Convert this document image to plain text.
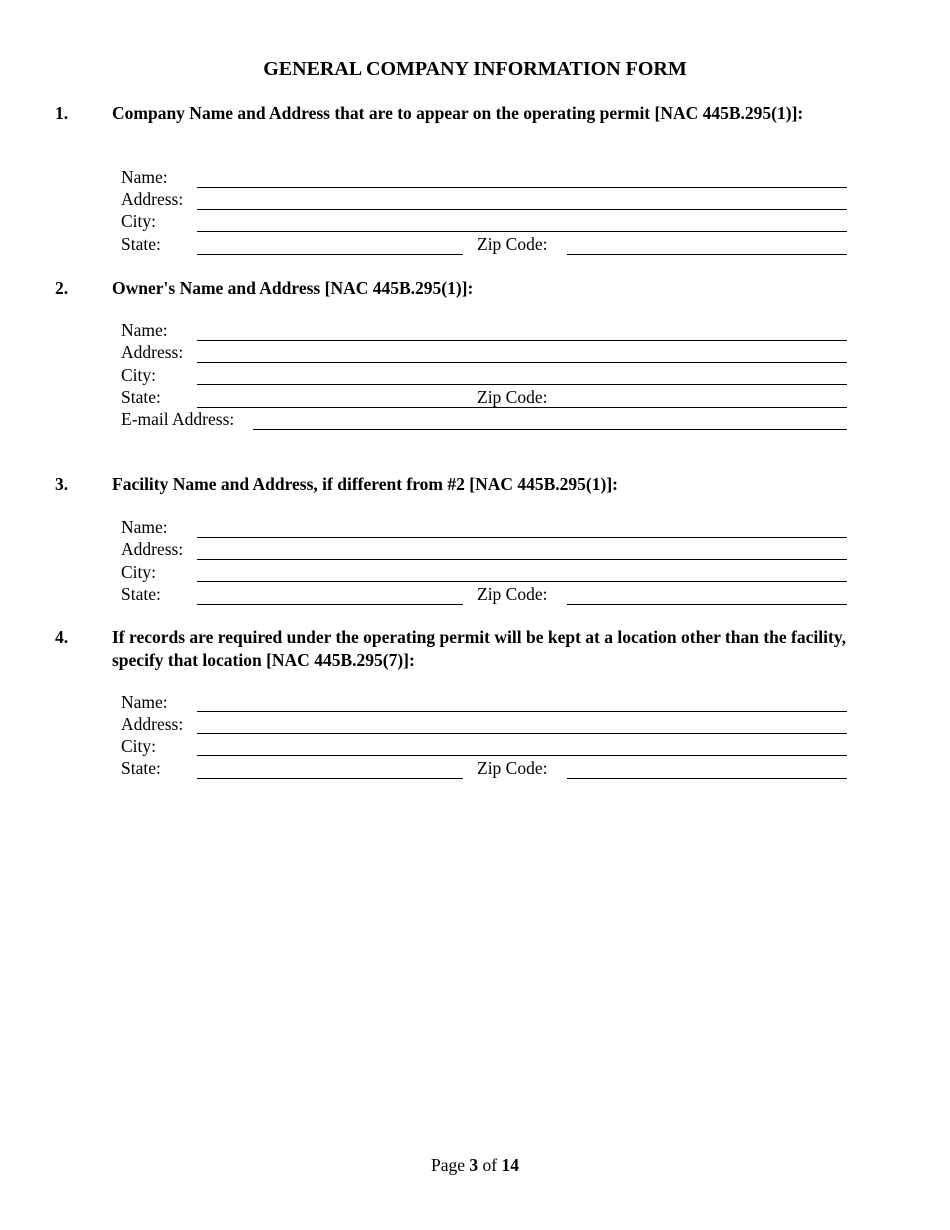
GENERAL COMPANY INFORMATION FORM
1.	Company Name and Address that are to appear on the operating permit [NAC 445B.295(1)]:
Name:
Address:
City:
State:	Zip Code:
2.	Owner's Name and Address [NAC 445B.295(1)]:
Name:
Address:
City:
State:	Zip Code:
E-mail Address:
3.	Facility Name and Address, if different from #2 [NAC 445B.295(1)]:
Name:
Address:
City:
State:	Zip Code:
4.	If records are required under the operating permit will be kept at a location other than the facility, specify that location [NAC 445B.295(7)]:
Name:
Address:
City:
State:	Zip Code:
Page 3 of 14
